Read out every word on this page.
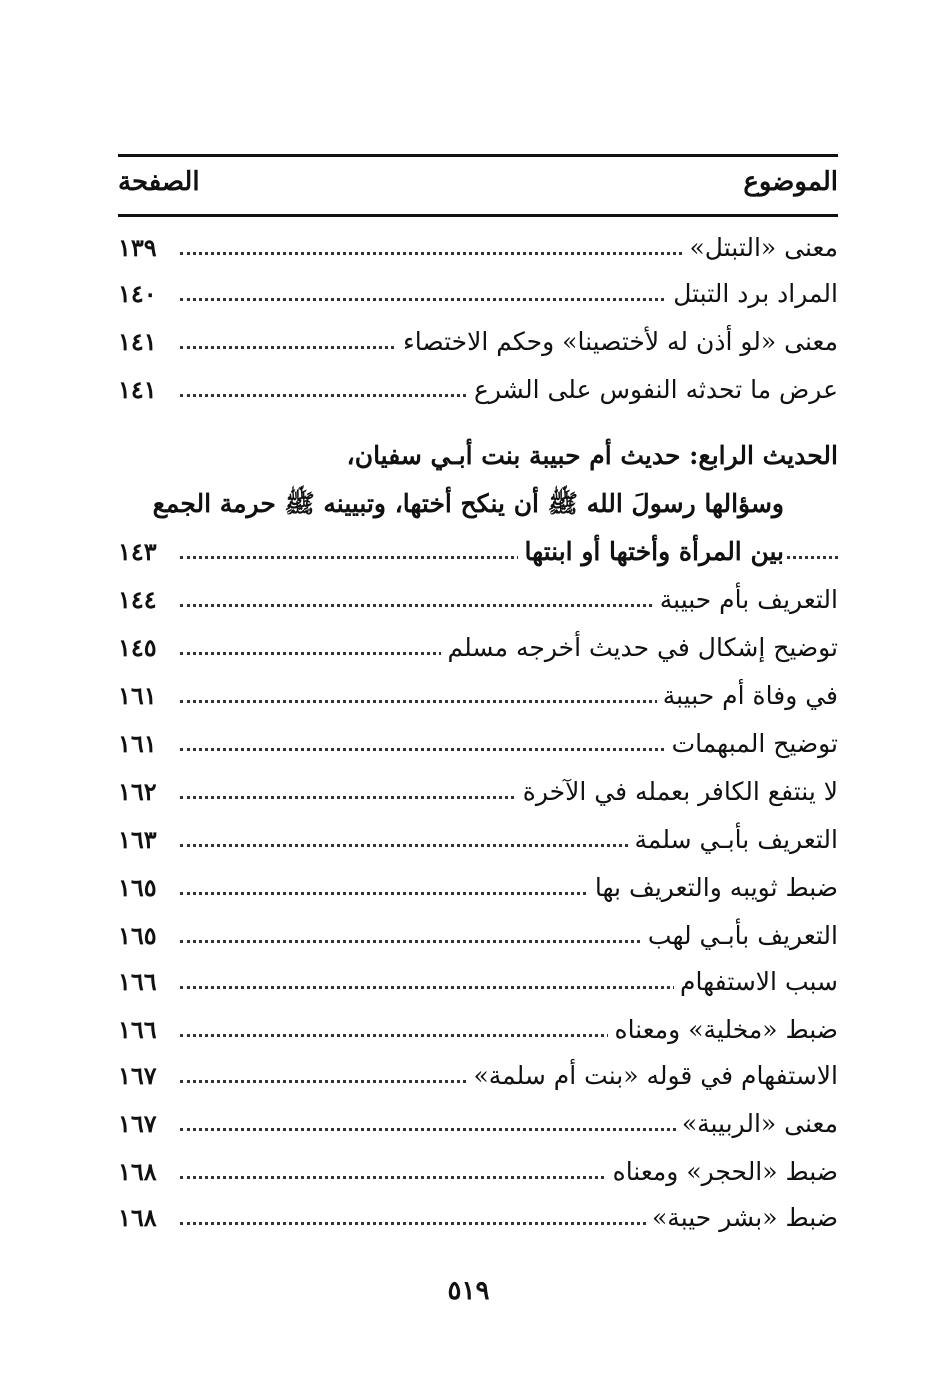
الموضوع
الصفحة
معنى «التبتل»
١٣٩
المراد برد التبتل
١٤٠
معنى «لو أذن له لأختصينا» وحكم الاختصاء
١٤١
عرض ما تحدثه النفوس على الشرع
١٤١
الحديث الرابع: حديث أم حبيبة بنت أبـي سفيان،
وسؤالها رسولَ الله ﷺ أن ينكح أختها، وتبيينه ﷺ حرمة الجمع
بين المرأة وأختها أو ابنتها
١٤٣
التعريف بأم حبيبة
١٤٤
توضيح إشكال في حديث أخرجه مسلم
١٤٥
في وفاة أم حبيبة
١٦١
توضيح المبهمات
١٦١
لا ينتفع الكافر بعمله في الآخرة
١٦٢
التعريف بأبـي سلمة
١٦٣
ضبط ثويبه والتعريف بها
١٦٥
التعريف بأبـي لهب
١٦٥
سبب الاستفهام
١٦٦
ضبط «مخلية» ومعناه
١٦٦
الاستفهام في قوله «بنت أم سلمة»
١٦٧
معنى «الربيبة»
١٦٧
ضبط «الحجر» ومعناه
١٦٨
ضبط «بشر حيبة»
١٦٨
٥١٩
